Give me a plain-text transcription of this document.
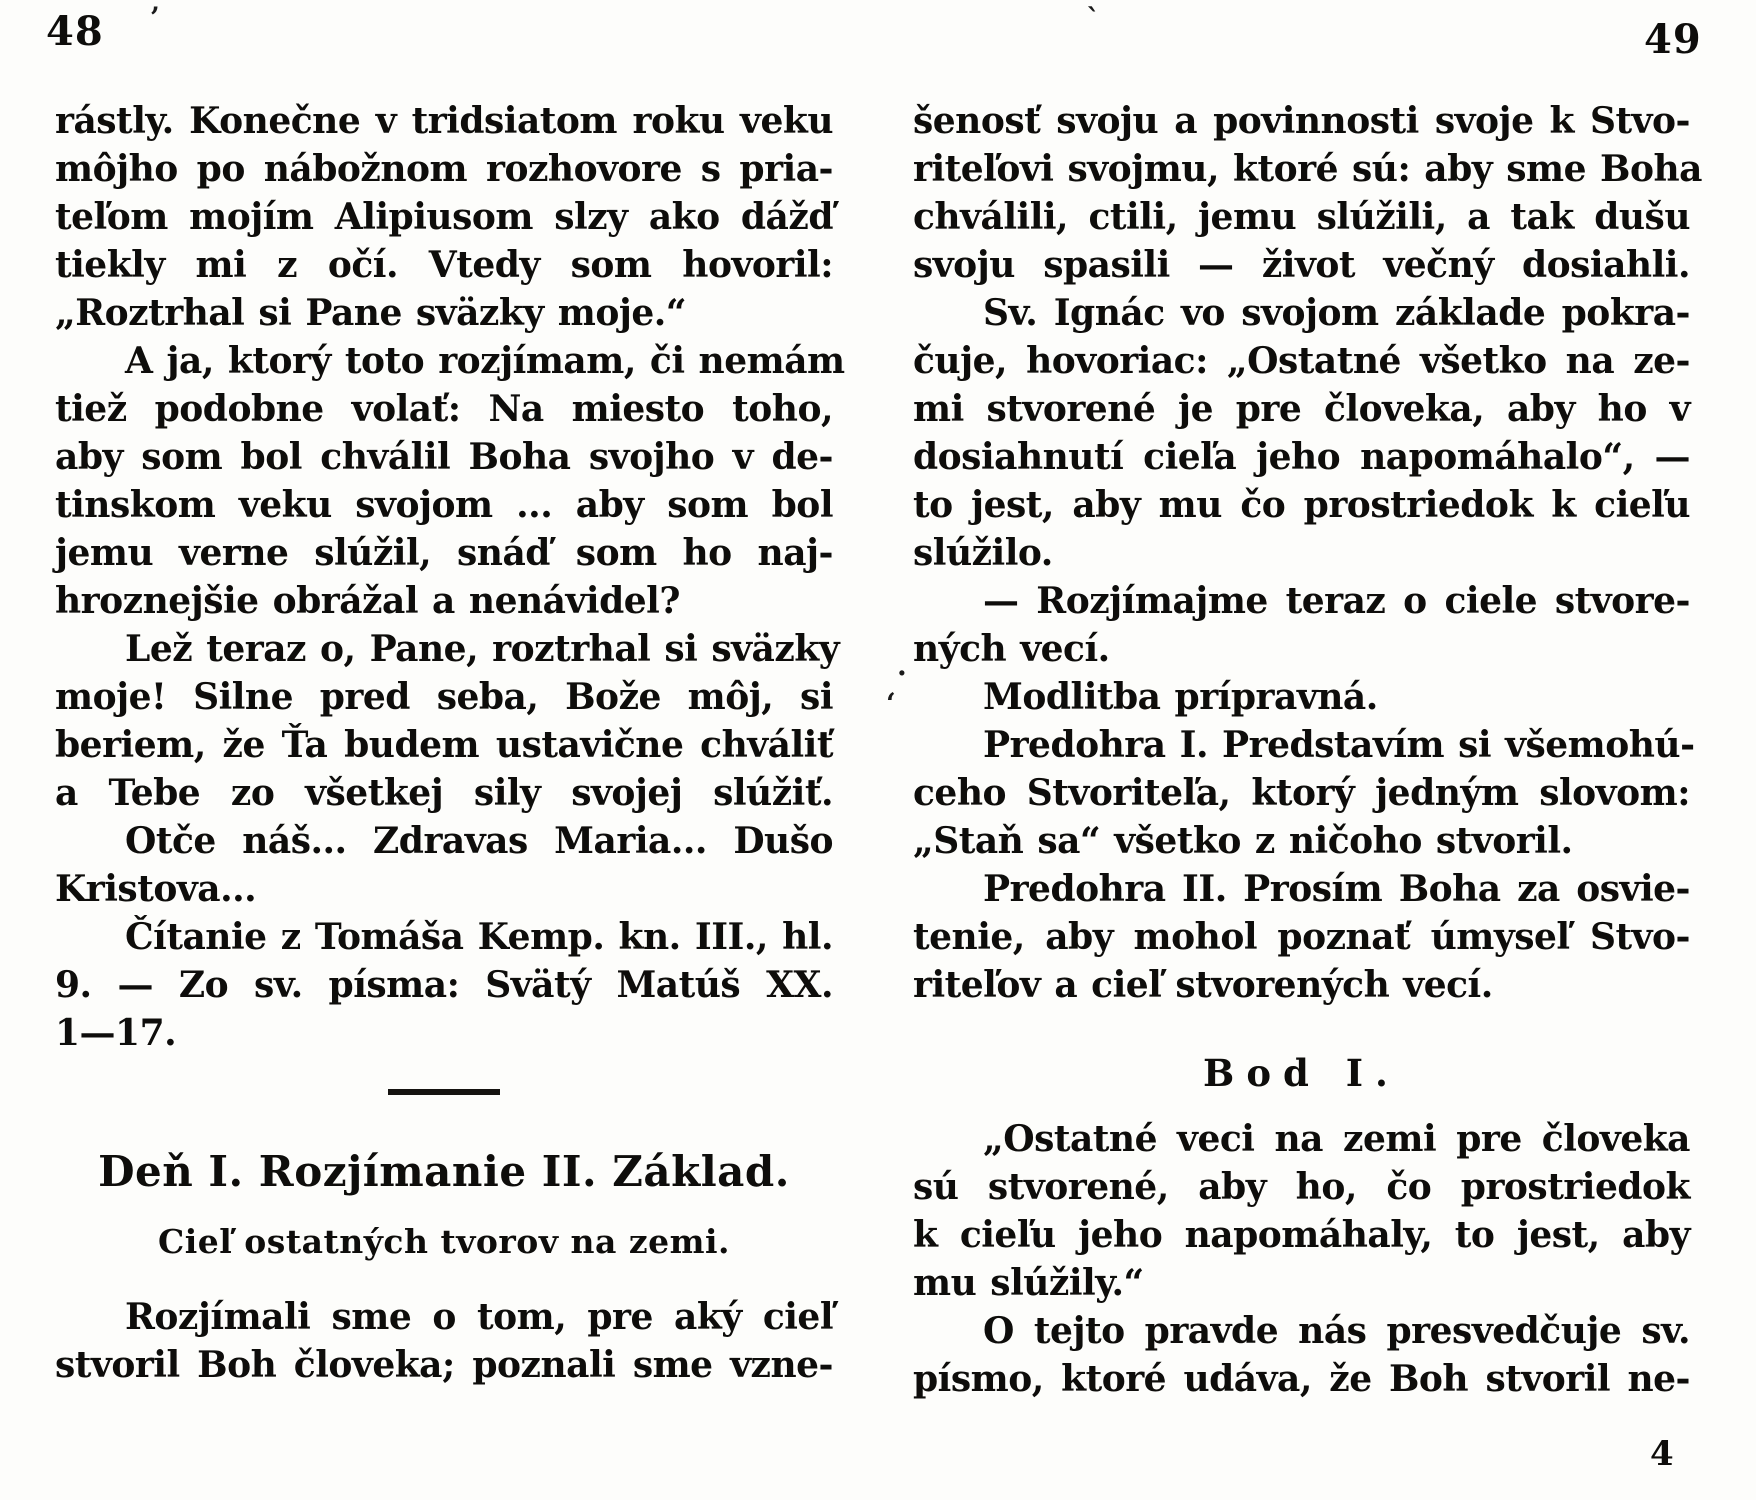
48	49
rástly. Konečne v tridsiatom roku veku
môjho po nábožnom rozhovore s pria-
teľom mojím Alipiusom slzy ako dážď
tiekly mi z očí. Vtedy som hovoril:
„Roztrhal si Pane sväzky moje.“
A ja, ktorý toto rozjímam, či nemám
tiež podobne volať: Na miesto toho,
aby som bol chválil Boha svojho v de-
tinskom veku svojom ... aby som bol
jemu verne slúžil, snáď som ho naj-
hroznejšie obrážal a nenávidel?
Lež teraz o, Pane, roztrhal si sväzky
moje! Silne pred seba, Bože môj, si
beriem, že Ťa budem ustavične chváliť
a Tebe zo všetkej sily svojej slúžiť.
Otče náš... Zdravas Maria... Dušo
Kristova...
Čítanie z Tomáša Kemp. kn. III., hl.
9. — Zo sv. písma: Svätý Matúš XX.
1—17.
Deň I. Rozjímanie II. Základ.
Cieľ ostatných tvorov na zemi.
Rozjímali sme o tom, pre aký cieľ
stvoril Boh človeka; poznali sme vzne-
šenosť svoju a povinnosti svoje k Stvo-
riteľovi svojmu, ktoré sú: aby sme Boha
chválili, ctili, jemu slúžili, a tak dušu
svoju spasili — život večný dosiahli.
Sv. Ignác vo svojom základe pokra-
čuje, hovoriac: „Ostatné všetko na ze-
mi stvorené je pre človeka, aby ho v
dosiahnutí cieľa jeho napomáhalo“, —
to jest, aby mu čo prostriedok k cieľu
slúžilo.
— Rozjímajme teraz o ciele stvore-
ných vecí.
Modlitba prípravná.
Predohra I. Predstavím si všemohú-
ceho Stvoriteľa, ktorý jedným slovom:
„Staň sa“ všetko z ničoho stvoril.
Predohra II. Prosím Boha za osvie-
tenie, aby mohol poznať úmyseľ Stvo-
riteľov a cieľ stvorených vecí.
Bod I.
„Ostatné veci na zemi pre človeka
sú stvorené, aby ho, čo prostriedok
k cieľu jeho napomáhaly, to jest, aby
mu slúžily.“
O tejto pravde nás presvedčuje sv.
písmo, ktoré udáva, že Boh stvoril ne-
4
’	`
.
‘
